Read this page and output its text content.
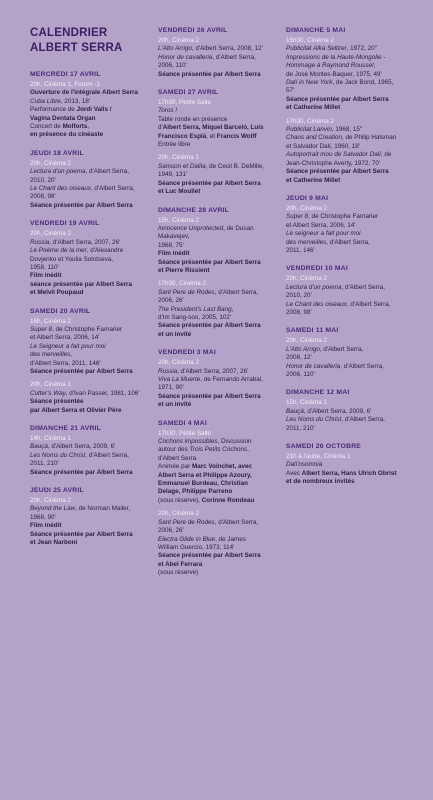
CALENDRIER
ALBERT SERRA
MERCREDI 17 AVRIL
20h, Cinéma 1, Forum -1
Ouverture de l'intégrale Albert Serra
Cuba Libre, 2013, 18'
Performance de Jordi Valls /
Vagina Dentata Organ
Concert de Molforts,
en présence du cinéaste
JEUDI 18 AVRIL
20h, Cinéma 2
Lectura d'un poema, d'Albert Serra,
2010, 20'
Le Chant des oiseaux, d'Albert Serra,
2008, 98'
Séance présentée par Albert Serra
VENDREDI 19 AVRIL
20h, Cinéma 2
Russia, d'Albert Serra, 2007, 26'
Le Poème de la mer, d'Alexandre
Dovjenko et Youlia Solntseva,
1958, 110'
Film inédit
séance présentée par Albert Serra
et Melvil Poupaud
SAMEDI 20 AVRIL
16h, Cinéma 2
Super 8, de Christophe Farnarier
et Albert Serra, 2006, 14'
Le Seigneur a fait pour moi
des merveilles,
d'Albert Serra, 2011, 146'
Séance présentée par Albert Serra
20h, Cinéma 1
Cutter's Way, d'Ivan Passer, 1981, 106'
Séance présentée
par Albert Serra et Olivier Père
DIMANCHE 21 AVRIL
14h, Cinéma 1
Bauçà, d'Albert Serra, 2009, 6'
Les Noms du Christ, d'Albert Serra,
2011, 210'
Séance présentée par Albert Serra
JEUDI 25 AVRIL
20h, Cinéma 2
Beyond the Law, de Norman Mailer,
1968, 90'
Film inédit
Séance présentée par Albert Serra
et Jean Narboni
VENDREDI 26 AVRIL
20h, Cinéma 2
L'Alto Arrigo, d'Albert Serra, 2008, 12'
Honor de cavalleria, d'Albert Serra,
2006, 110'
Séance présentée par Albert Serra
SAMEDI 27 AVRIL
17h30, Petite Salle
Toros !
Table ronde en présence
d'Albert Serra, Miquel Barceló, Luis
Francisco Esplá, et Francis Wolff
Entrée libre
20h, Cinéma 1
Samson et Dalila, de Cecil B. DeMille,
1949, 131'
Séance présentée par Albert Serra
et Luc Moullet
DIMANCHE 28 AVRIL
15h, Cinéma 2
Innocence Unprotected, de Dusan
Makavejev,
1968, 75'
Film inédit
Séance présentée par Albert Serra
et Pierre Rissient
17h30, Cinéma 2
Sant Pere de Rodes, d'Albert Serra,
2006, 26'
The President's Last Bang,
d'Im Sang-soo, 2005, 102'
Séance présentée par Albert Serra
et un invité
VENDREDI 3 MAI
20h, Cinéma 2
Russia, d'Albert Serra, 2007, 26'
Viva La Muerte, de Fernando Arrabal,
1971, 90'
Séance présentée par Albert Serra
et un invité
SAMEDI 4 MAI
17h30, Petite Salle
Cochons impossibles, Discussion
autour des Trois Petits Cochons,
d'Albert Serra
Animée par Marc Voinchet, avec
Albert Serra et Philippe Azoury,
Emmanuel Burdeau, Christian
Delage, Philippe Parreno
(sous réserve), Corinne Rondeau
20h, Cinéma 2
Sant Pere de Rodes, d'Albert Serra,
2006, 26'
Electra Glide in Blue, de James
William Guercio, 1973, 114'
Séance présentée par Albert Serra
et Abel Ferrara
(sous réserve)
DIMANCHE 5 MAI
15h30, Cinéma 2
Publicitat Alka Seltzer, 1972, 20''
Impressions de la Haute-Mongolie -
Hommage à Raymond Roussel,
de José Montes-Baquer, 1975, 49'
Dalí in New York, de Jack Bond, 1965,
57'
Séance présentée par Albert Serra
et Catherine Millet
17h30, Cinéma 2
Publicitat Lanvin, 1968, 15''
Chaos and Creation, de Philip Halsman
et Salvador Dalí, 1960, 18'
Autoportrait mou de Salvador Dalí, de
Jean-Christophe Averty, 1972, 70'
Séance présentée par Albert Serra
et Catherine Millet
JEUDI 9 MAI
20h, Cinéma 2
Super 8, de Christophe Farnarier
et Albert Serra, 2006, 14'
Le seigneur a fait pour moi
des merveilles, d'Albert Serra,
2011, 146'
VENDREDI 10 MAI
20h, Cinéma 2
Lectura d'un poema, d'Albert Serra,
2010, 20'
Le Chant des oiseaux, d'Albert Serra,
2008, 98'
SAMEDI 11 MAI
20h, Cinéma 2
L'Alto Arrigo, d'Albert Serra,
2008, 12'
Honor de cavalleria, d'Albert Serra,
2006, 110'
DIMANCHE 12 MAI
15h, Cinéma 1
Bauçà, d'Albert Serra, 2009, 6'
Les Noms du Christ, d'Albert Serra,
2011, 210'
SAMEDI 26 OCTOBRE
21h à l'aube, Cinéma 1
Dalí'nsomnia
Avec Albert Serra, Hans Ulrich Obrist
et de nombreux invités
